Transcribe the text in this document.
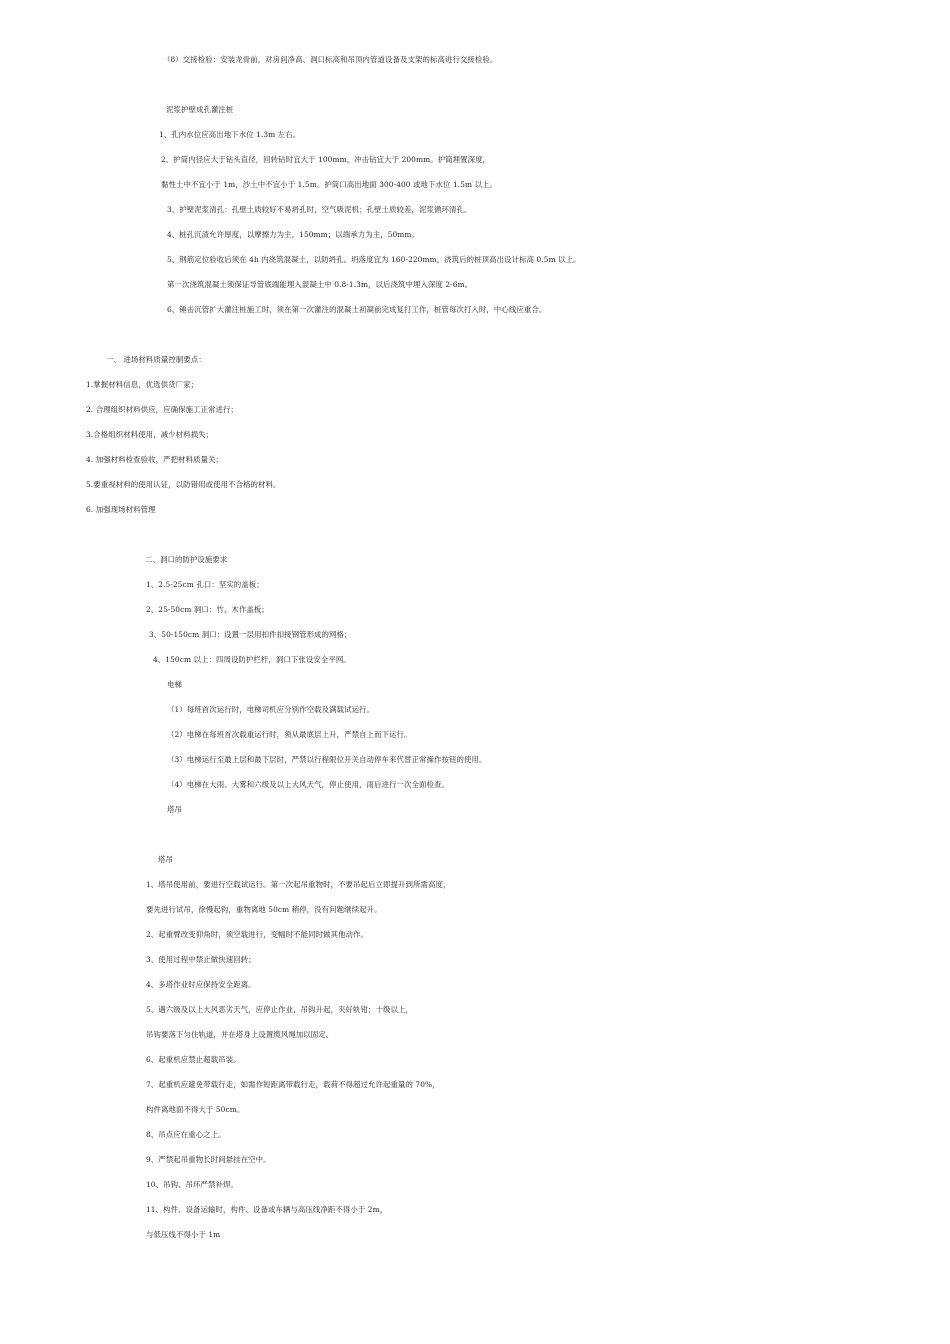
（8）交接检验：安装龙骨前，对房间净高、洞口标高和吊顶内管道设备及支架的标高进行交接检验。
泥浆护壁成孔灌注桩
1、孔内水位应高出地下水位 1.3m 左右。
2、护筒内径应大于钻头直径，回转钻时宜大于 100mm，冲击钻宜大于 200mm。护筒埋置深度，
黏性土中不宜小于 1m，沙土中不宜小于 1.5m。护筒口高出地面 300-400 或地下水位 1.5m 以上。
3、护壁泥浆清孔：孔壁土质较好不易坍孔时，空气吸泥机；孔壁土质较差，泥浆循环清孔。
4、桩孔沉渣允许厚度，以摩擦力为主，150mm；以端承力为主，50mm。
5、钢筋定位验收后须在 4h 内浇筑混凝土，以防坍孔。坍落度宜为 160-220mm，浇筑后的桩顶高出设计标高 0.5m 以上。
第一次浇筑混凝土须保证导管底端能埋入混凝土中 0.8-1.3m，以后浇筑中埋入深度 2-6m。
6、锤击沉管扩大灌注桩施工时，须在第一次灌注的混凝土初凝前完成复打工作，桩管每次打入时，中心线应重合。
一、 进场材料质量控制要点：
1.掌握材料信息，优选供货厂家；
2. 合理组织材料供应，应确保施工正常进行；
3.合格组织材料使用，减少材料损失；
4. 加强材料检查验收，严把材料质量关；
5.要重视材料的使用认证，以防错用或使用不合格的材料。
6. 加强现场材料管理
二、洞口的防护设施要求
1、2.5-25cm 孔口：坚实的盖板；
2、25-50cm 洞口：竹、木作盖板；
3、50-150cm 洞口：设置一层用扣件扣接钢管形成的网格；
4、150cm 以上：四周设防护栏杆，洞口下张设安全平网。
电梯
（1）每班首次运行时，电梯司机应分别作空载及满载试运行。
（2）电梯在每班首次载重运行时，须从最底层上升，严禁自上而下运行。
（3）电梯运行至最上层和最下层时，严禁以行程限位开关自动停车来代替正常操作按钮的使用。
（4）电梯在大雨、大雾和六级及以上大风天气，停止使用，雨后进行一次全面检查。
塔吊
塔吊
1、塔吊使用前，要进行空载试运行。第一次起吊重物时，不要吊起后立即提升到所需高度，
要先进行试吊，徐慢起钩，重物离地 50cm 稍停，没有问题继续起升。
2、起重臂改变仰角时，须空载进行，变幅时不能同时做其他动作。
3、使用过程中禁止做快速回转；
4、多塔作业时应保持安全距离。
5、遇六级及以上大风恶劣天气，应停止作业，吊钩升起，夹好轨钳；十级以上，
吊钩要落下匀住轨道，并在塔身上设置缆风绳加以固定。
6、起重机应禁止超载吊装。
7、起重机应避免带载行走，如需作短距离带载行走，载荷不得超过允许起重量的 70%，
构件离地面不得大于 50cm。
8、吊点应在重心之上。
9、严禁起吊重物长时间悬挂在空中。
10、吊钩、吊环严禁补焊。
11、构件、设备运输时，构件、设备或车辆与高压线净距不得小于 2m，
与低压线不得小于 1m
